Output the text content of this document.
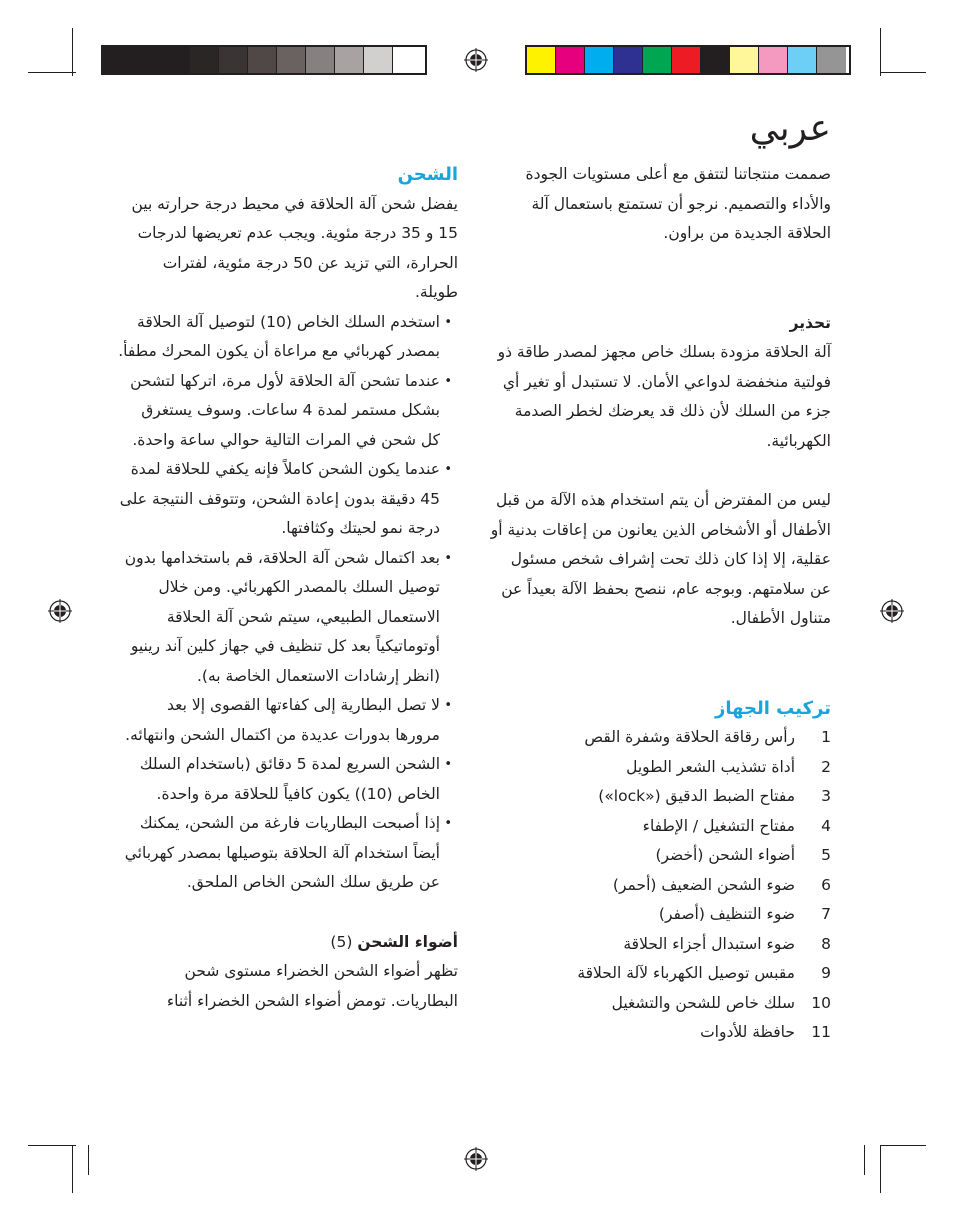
عربي

صممت منتجاتنا لتتفق مع أعلى مستويات الجودة والأداء والتصميم. نرجو أن تستمتع باستعمال آلة الحلاقة الجديدة من براون.

تحذير

آلة الحلاقة مزودة بسلك خاص مجهز لمصدر طاقة ذو فولتية منخفضة لدواعي الأمان. لا تستبدل أو تغير أي جزء من السلك لأن ذلك قد يعرضك لخطر الصدمة الكهربائية.

ليس من المفترض أن يتم استخدام هذه الآلة من قبل الأطفال أو الأشخاص الذين يعانون من إعاقات بدنية أو عقلية، إلا إذا كان ذلك تحت إشراف شخص مسئول عن سلامتهم. وبوجه عام، ننصح بحفظ الآلة بعيداً عن متناول الأطفال.

تركيب الجهاز

1
رأس رقاقة الحلاقة وشفرة القص
2
أداة تشذيب الشعر الطويل
3
مفتاح الضبط الدقيق («lock»)
4
مفتاح التشغيل / الإطفاء
5
أضواء الشحن (أخضر)
6
ضوء الشحن الضعيف (أحمر)
7
ضوء التنظيف (أصفر)
8
ضوء استبدال أجزاء الحلاقة
9
مقبس توصيل الكهرباء لآلة الحلاقة
10
سلك خاص للشحن والتشغيل
11
حافظة للأدوات

الشحن

يفضل شحن آلة الحلاقة في محيط درجة حرارته بين 15 و 35 درجة مئوية. ويجب عدم تعريضها لدرجات الحرارة، التي تزيد عن 50 درجة مئوية، لفترات طويلة.

• استخدم السلك الخاص (10) لتوصيل آلة الحلاقة بمصدر كهربائي مع مراعاة أن يكون المحرك مطفأ.
• عندما تشحن آلة الحلاقة لأول مرة، اتركها لتشحن بشكل مستمر لمدة 4 ساعات. وسوف يستغرق كل شحن في المرات التالية حوالي ساعة واحدة.
• عندما يكون الشحن كاملاً فإنه يكفي للحلاقة لمدة 45 دقيقة بدون إعادة الشحن، وتتوقف النتيجة على درجة نمو لحيتك وكثافتها.
• بعد اكتمال شحن آلة الحلاقة، قم باستخدامها بدون توصيل السلك بالمصدر الكهربائي. ومن خلال الاستعمال الطبيعي، سيتم شحن آلة الحلاقة أوتوماتيكياً بعد كل تنظيف في جهاز كلين آند رينيو (انظر إرشادات الاستعمال الخاصة به).
• لا تصل البطارية إلى كفاءتها القصوى إلا بعد مرورها بدورات عديدة من اكتمال الشحن وانتهائه.
• الشحن السريع لمدة 5 دقائق (باستخدام السلك الخاص (10)) يكون كافياً للحلاقة مرة واحدة.
• إذا أصبحت البطاريات فارغة من الشحن، يمكنك أيضاً استخدام آلة الحلاقة بتوصيلها بمصدر كهربائي عن طريق سلك الشحن الخاص الملحق.

أضواء الشحن (5)

تظهر أضواء الشحن الخضراء مستوى شحن البطاريات. تومض أضواء الشحن الخضراء أثناء
